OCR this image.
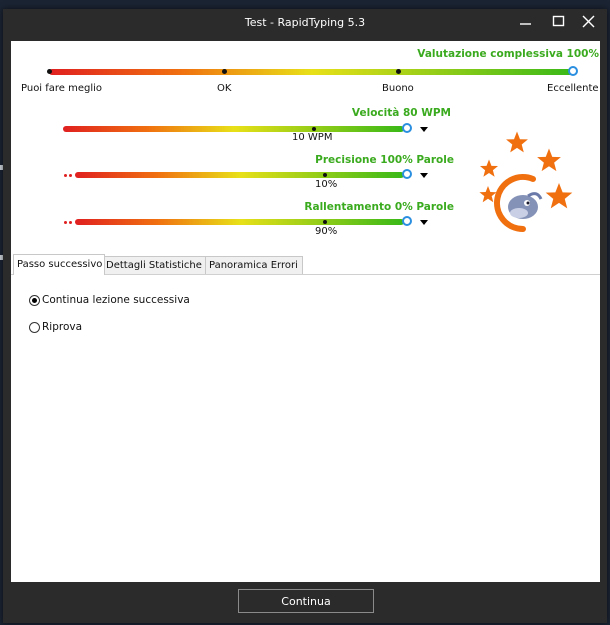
Test - RapidTyping 5.3
Valutazione complessiva 100%
Puoi fare meglio	OK	Buono	Eccellente
Velocità 80 WPM
10 WPM
Precisione 100% Parole
10%
Rallentamento 0% Parole
90%
Passo successivo Dettagli Statistiche Panoramica Errori
Continua lezione successiva
Riprova
Continua
